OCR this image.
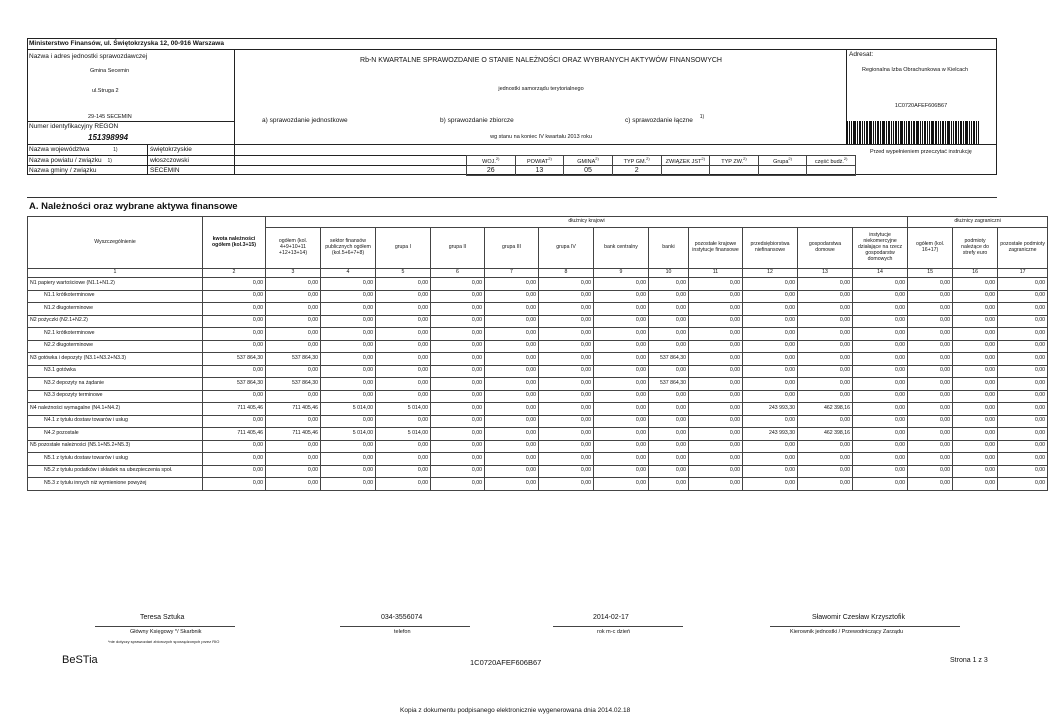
Ministerstwo Finansów, ul. Świętokrzyska 12, 00-916 Warszawa
Nazwa i adres jednostki sprawozdawczej
Gmina Secemin
ul.Struga 2
29-145 SECEMIN
Numer identyfikacyjny REGON
151398994
Nazwa województwa	1)	świętokrzyskie
Nazwa powiatu / związku 1)	włoszczowski
Nazwa gminy / związku	SECEMIN
Rb-N KWARTALNE SPRAWOZDANIE O STANIE NALEŻNOŚCI ORAZ WYBRANYCH AKTYWÓW FINANSOWYCH
jednostki samorządu terytorialnego
a) sprawozdanie jednostkowe	b) sprawozdanie zbiorcze	c) sprawozdanie łączne 1)
wg stanu na koniec IV kwartału 2013 roku
Adresat:
Regionalna Izba Obrachunkowa w Kielcach
1C0720AFEF606B67
Przed wypełnieniem przeczytać instrukcję
WOJ.$^{2)}$	POWIAT$^{2)}$	GMINA$^{2)}$	TYP GM.$^{2)}$	ZWIĄZEK JST$^{2)}$	TYP ZW.$^{2)}$	Grupa$^{2)}$	część budż.$^{2)}$
26	13	05	2				
A. Należności oraz wybrane aktywa finansowe
Wyszczególnienie	kwota należności ogółem (kol.3+15)	dłużnicy krajowi												dłużnicy zagraniczni		
		ogółem (kol. 4+9+10+11 +12+13+14)	sektor finansów publicznych ogółem (kol.5+6+7+8)	grupa I	grupa II	grupa III	grupa IV	bank centralny	banki	pozostałe krajowe instytucje finansowe	przedsiębiorstwa niefinansowe	gospodarstwa domowe	instytucje niekomercyjne działające na rzecz gospodarstw domowych	ogółem (kol. 16+17)	podmioty należące do strefy euro	pozostałe podmioty zagraniczne
1	2	3	4	5	6	7	8	9	10	11	12	13	14	15	16	17
N1 papiery wartościowe (N1.1+N1.2)	0,00	0,00	0,00	0,00	0,00	0,00	0,00	0,00	0,00	0,00	0,00	0,00	0,00	0,00	0,00	0,00
N1.1 krótkoterminowe	0,00	0,00	0,00	0,00	0,00	0,00	0,00	0,00	0,00	0,00	0,00	0,00	0,00	0,00	0,00	0,00
N1.2 długoterminowe	0,00	0,00	0,00	0,00	0,00	0,00	0,00	0,00	0,00	0,00	0,00	0,00	0,00	0,00	0,00	0,00
N2 pożyczki (N2.1+N2.2)	0,00	0,00	0,00	0,00	0,00	0,00	0,00	0,00	0,00	0,00	0,00	0,00	0,00	0,00	0,00	0,00
N2.1 krótkoterminowe	0,00	0,00	0,00	0,00	0,00	0,00	0,00	0,00	0,00	0,00	0,00	0,00	0,00	0,00	0,00	0,00
N2.2 długoterminowe	0,00	0,00	0,00	0,00	0,00	0,00	0,00	0,00	0,00	0,00	0,00	0,00	0,00	0,00	0,00	0,00
N3 gotówka i depozyty (N3.1+N3.2+N3.3)	537 864,30	537 864,30	0,00	0,00	0,00	0,00	0,00	0,00	537 864,30	0,00	0,00	0,00	0,00	0,00	0,00	0,00
N3.1 gotówka	0,00	0,00	0,00	0,00	0,00	0,00	0,00	0,00	0,00	0,00	0,00	0,00	0,00	0,00	0,00	0,00
N3.2 depozyty na żądanie	537 864,30	537 864,30	0,00	0,00	0,00	0,00	0,00	0,00	537 864,30	0,00	0,00	0,00	0,00	0,00	0,00	0,00
N3.3 depozyty terminowe	0,00	0,00	0,00	0,00	0,00	0,00	0,00	0,00	0,00	0,00	0,00	0,00	0,00	0,00	0,00	0,00
N4 należności wymagalne (N4.1+N4.2)	711 405,46	711 405,46	5 014,00	5 014,00	0,00	0,00	0,00	0,00	0,00	0,00	243 993,30	462 398,16	0,00	0,00	0,00	0,00
N4.1 z tytułu dostaw towarów i usług	0,00	0,00	0,00	0,00	0,00	0,00	0,00	0,00	0,00	0,00	0,00	0,00	0,00	0,00	0,00	0,00
N4.2 pozostałe	711 405,46	711 405,46	5 014,00	5 014,00	0,00	0,00	0,00	0,00	0,00	0,00	243 993,30	462 398,16	0,00	0,00	0,00	0,00
N5 pozostałe należności (N5.1+N5.2+N5.3)	0,00	0,00	0,00	0,00	0,00	0,00	0,00	0,00	0,00	0,00	0,00	0,00	0,00	0,00	0,00	0,00
N5.1 z tytułu dostaw towarów i usług	0,00	0,00	0,00	0,00	0,00	0,00	0,00	0,00	0,00	0,00	0,00	0,00	0,00	0,00	0,00	0,00
N5.2 z tytułu podatków i składek na ubezpieczenia społ.	0,00	0,00	0,00	0,00	0,00	0,00	0,00	0,00	0,00	0,00	0,00	0,00	0,00	0,00	0,00	0,00
N5.3 z tytułu innych niż wymienione powyżej	0,00	0,00	0,00	0,00	0,00	0,00	0,00	0,00	0,00	0,00	0,00	0,00	0,00	0,00	0,00	0,00
Teresa Sztuka
Główny Księgowy */ Skarbnik
*nie dotyczy sprawozdań zbiorczych sporządzonych przez RIO
034-3556074
telefon
2014-02-17
rok m-c dzień
Sławomir Czesław Krzysztofik
Kierownik jednostki / Przewodniczący Zarządu
BeSTia	1C0720AFEF606B67	Strona 1 z 3
Kopia z dokumentu podpisanego elektronicznie wygenerowana dnia 2014.02.18
